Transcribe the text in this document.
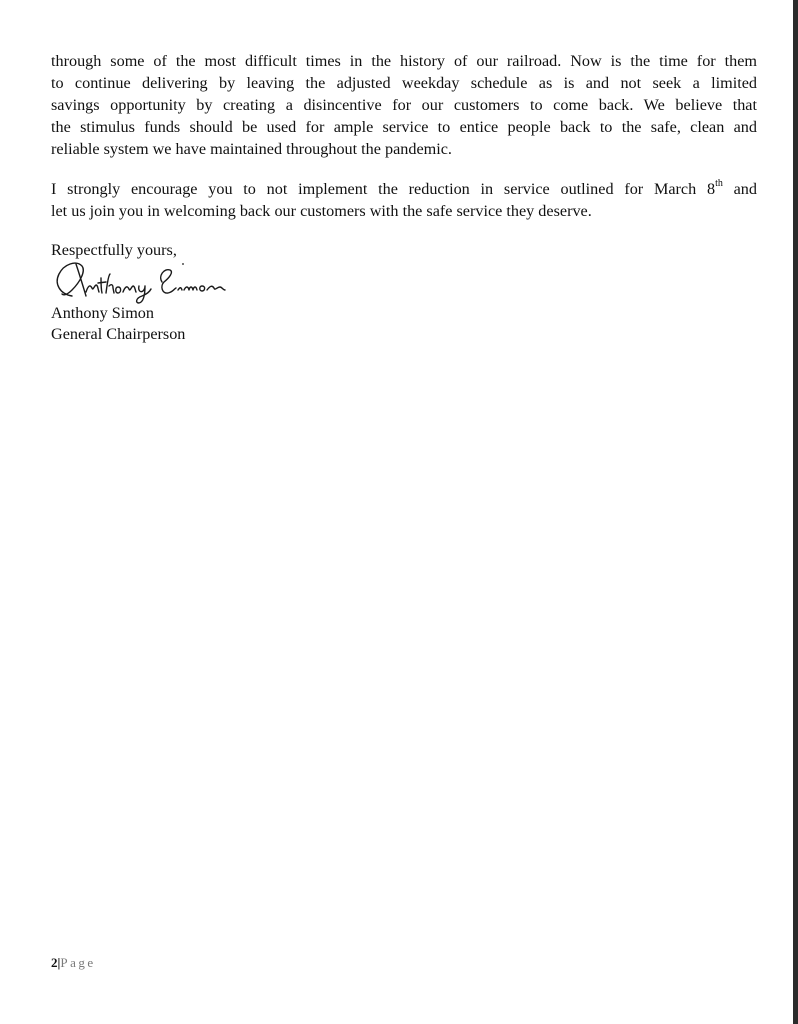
through some of the most difficult times in the history of our railroad. Now is the time for them
to continue delivering by leaving the adjusted weekday schedule as is and not seek a limited
savings opportunity by creating a disincentive for our customers to come back. We believe that
the stimulus funds should be used for ample service to entice people back to the safe, clean and
reliable system we have maintained throughout the pandemic.

I strongly encourage you to not implement the reduction in service outlined for March 8th and
let us join you in welcoming back our customers with the safe service they deserve.

Respectfully yours,

Anthony Simon

General Chairperson

2|Page
